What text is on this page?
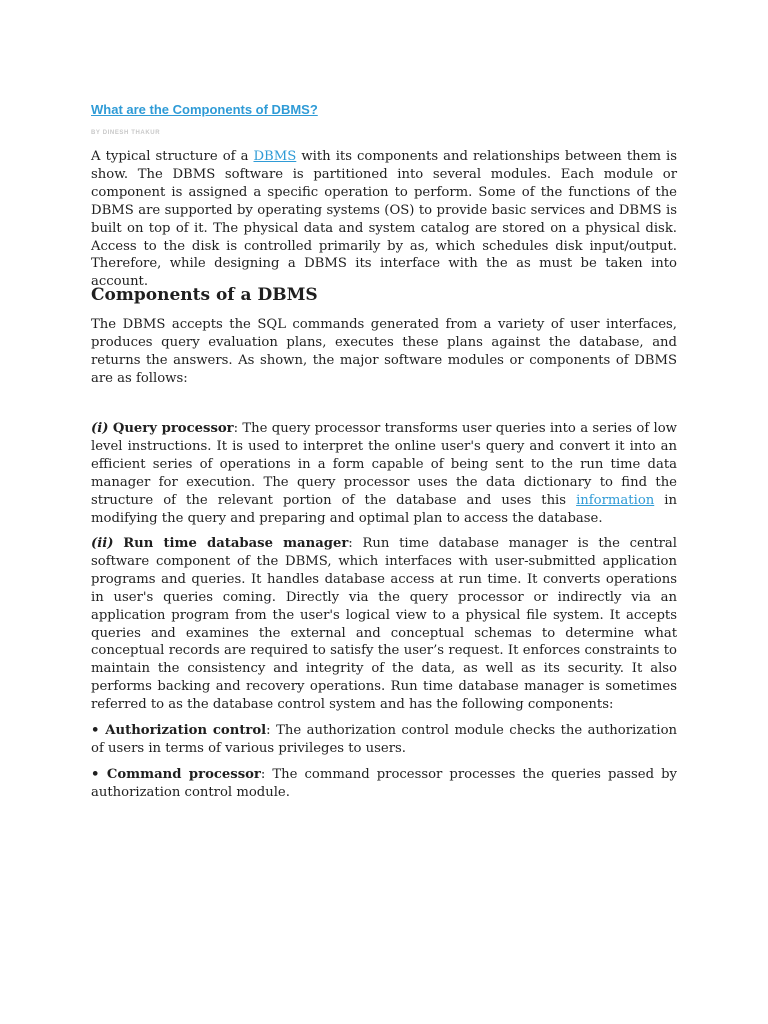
What are the Components of DBMS?
BY DINESH THAKUR

A typical structure of a DBMS with its components and relationships between them is show. The DBMS software is partitioned into several modules. Each module or component is assigned a specific operation to perform. Some of the functions of the DBMS are supported by operating systems (OS) to provide basic services and DBMS is built on top of it. The physical data and system catalog are stored on a physical disk. Access to the disk is controlled primarily by as, which schedules disk input/output. Therefore, while designing a DBMS its interface with the as must be taken into account.

Components of a DBMS

The DBMS accepts the SQL commands generated from a variety of user interfaces, produces query evaluation plans, executes these plans against the database, and returns the answers. As shown, the major software modules or components of DBMS are as follows:

(i) Query processor: The query processor transforms user queries into a series of low level instructions. It is used to interpret the online user's query and convert it into an efficient series of operations in a form capable of being sent to the run time data manager for execution. The query processor uses the data dictionary to find the structure of the relevant portion of the database and uses this information in modifying the query and preparing and optimal plan to access the database.

(ii) Run time database manager: Run time database manager is the central software component of the DBMS, which interfaces with user-submitted application programs and queries. It handles database access at run time. It converts operations in user's queries coming. Directly via the query processor or indirectly via an application program from the user's logical view to a physical file system. It accepts queries and examines the external and conceptual schemas to determine what conceptual records are required to satisfy the user’s request. It enforces constraints to maintain the consistency and integrity of the data, as well as its security. It also performs backing and recovery operations. Run time database manager is sometimes referred to as the database control system and has the following components:

• Authorization control: The authorization control module checks the authorization of users in terms of various privileges to users.

• Command processor: The command processor processes the queries passed by authorization control module.
